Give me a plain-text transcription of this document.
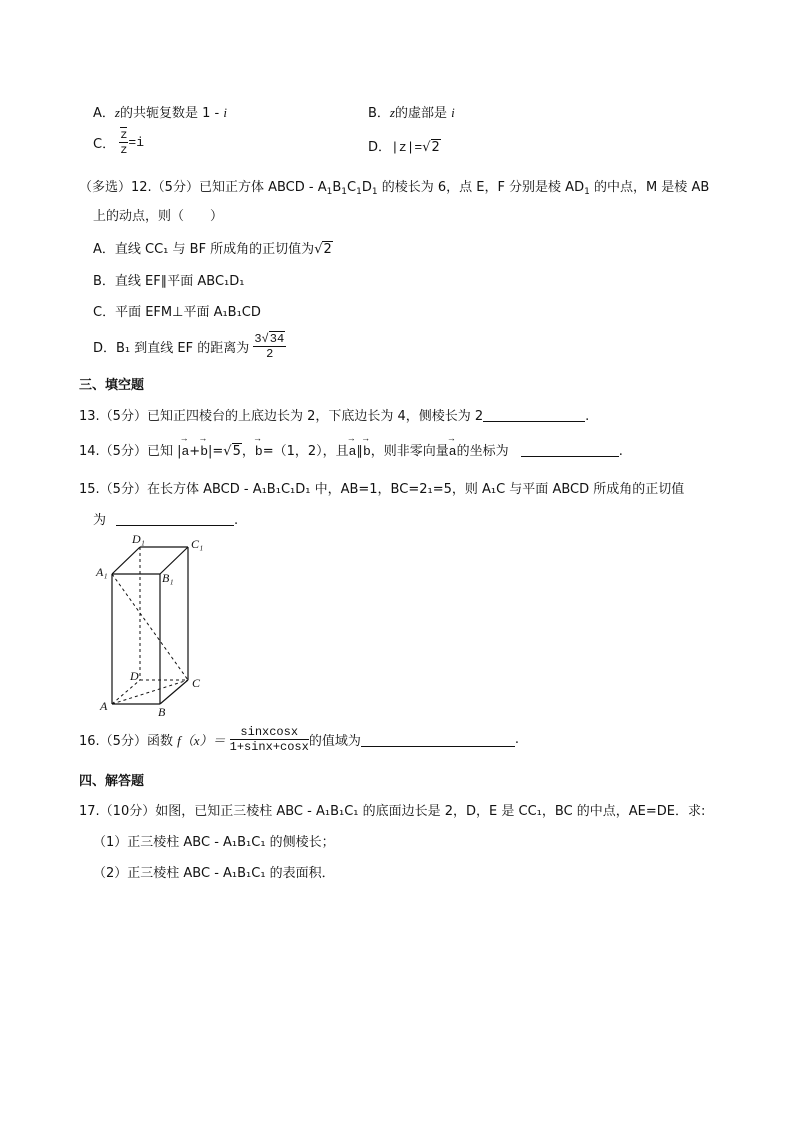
A．z的共轭复数是 1 - i	B．z的虚部是 i
C． $\frac{z}{z} =i$	D．|z|=√2
（多选）12.（5分）已知正方体 ABCD - $A_1B_1C_1D_1$ 的棱长为 6，点 E，F 分别是棱 $AD_1$ 的中点，M 是棱 AB
上的动点，则（　　）
A．直线 CC₁ 与 BF 所成角的正切值为√2
B．直线 EF∥平面 ABC₁D₁
C．平面 EFM⊥平面 A₁B₁CD
D．B₁ 到直线 EF 的距离为 $\frac{3√34}{2}$
三、填空题
13.（5分）已知正四棱台的上底边长为 2，下底边长为 4，侧棱长为 2	.
14.（5分）已知 |→ a+→ b|=√5，→ b=（1，2），且→ a∥→ b，则非零向量→ a的坐标为	.
15.（5分）在长方体 ABCD - A₁B₁C₁D₁ 中，AB=1，BC=2₁=5，则 A₁C 与平面 ABCD 所成角的正切值
为	.
D₁	C₁
A₁	B₁
D	C
A	B
16.（5分）函数 $f(x)= \frac{\text{sinxcosx}}{1+\sin x+\cos x}$ 的值域为	.
四、解答题
17.（10分）如图，已知正三棱柱 ABC - A₁B₁C₁ 的底面边长是 2，D，E 是 CC₁，BC 的中点，AE=DE．求:
（1）正三棱柱 ABC - A₁B₁C₁ 的侧棱长；
（2）正三棱柱 ABC - A₁B₁C₁ 的表面积．
